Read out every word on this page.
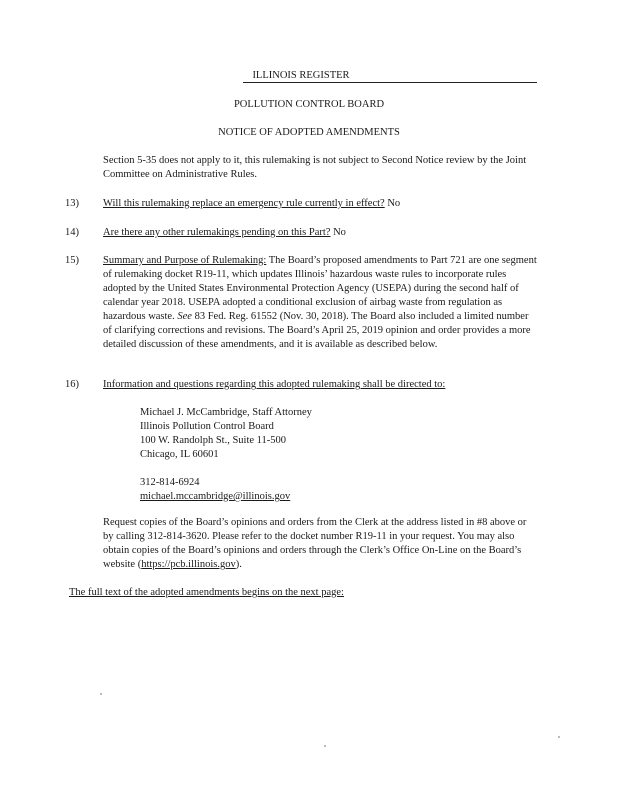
ILLINOIS REGISTER
POLLUTION CONTROL BOARD
NOTICE OF ADOPTED AMENDMENTS
Section 5-35 does not apply to it, this rulemaking is not subject to Second Notice review by the Joint Committee on Administrative Rules.
13) Will this rulemaking replace an emergency rule currently in effect? No
14) Are there any other rulemakings pending on this Part? No
15) Summary and Purpose of Rulemaking: The Board’s proposed amendments to Part 721 are one segment of rulemaking docket R19-11, which updates Illinois’ hazardous waste rules to incorporate rules adopted by the United States Environmental Protection Agency (USEPA) during the second half of calendar year 2018. USEPA adopted a conditional exclusion of airbag waste from regulation as hazardous waste. See 83 Fed. Reg. 61552 (Nov. 30, 2018). The Board also included a limited number of clarifying corrections and revisions. The Board’s April 25, 2019 opinion and order provides a more detailed discussion of these amendments, and it is available as described below.
16) Information and questions regarding this adopted rulemaking shall be directed to:
Michael J. McCambridge, Staff Attorney
Illinois Pollution Control Board
100 W. Randolph St., Suite 11-500
Chicago, IL 60601
312-814-6924
michael.mccambridge@illinois.gov
Request copies of the Board’s opinions and orders from the Clerk at the address listed in #8 above or by calling 312-814-3620. Please refer to the docket number R19-11 in your request. You may also obtain copies of the Board’s opinions and orders through the Clerk’s Office On-Line on the Board’s website (https://pcb.illinois.gov).
The full text of the adopted amendments begins on the next page:
